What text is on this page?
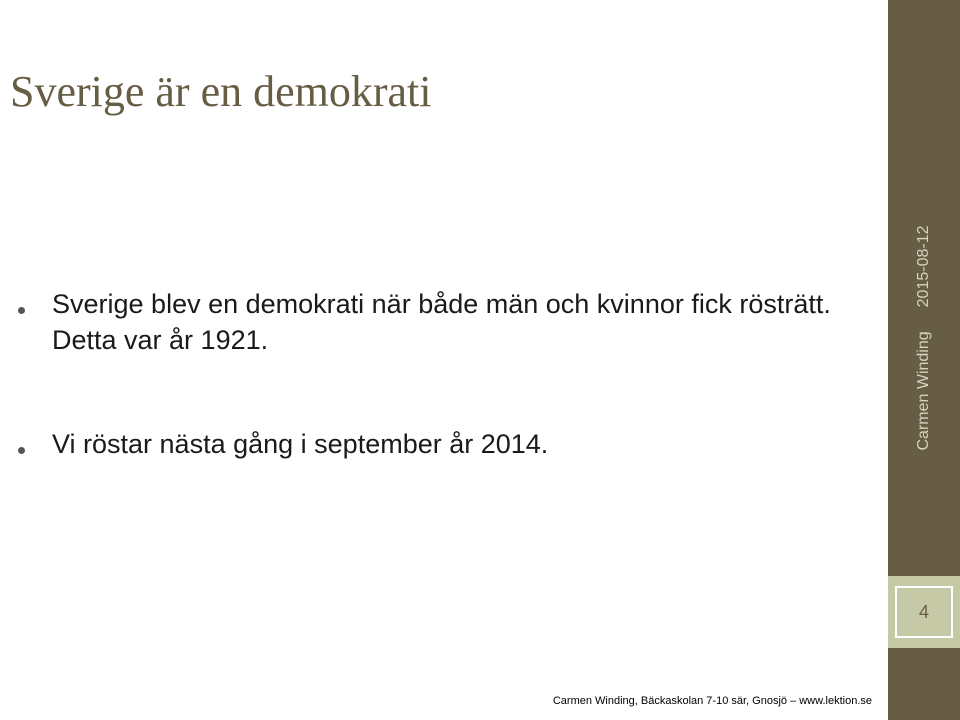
Sverige är en demokrati
Sverige blev en demokrati när både män och kvinnor fick rösträtt. Detta var år 1921.
Vi röstar nästa gång i september år 2014.
4
Carmen Winding
2015-08-12
Carmen Winding, Bäckaskolan 7-10 sär, Gnosjö – www.lektion.se
